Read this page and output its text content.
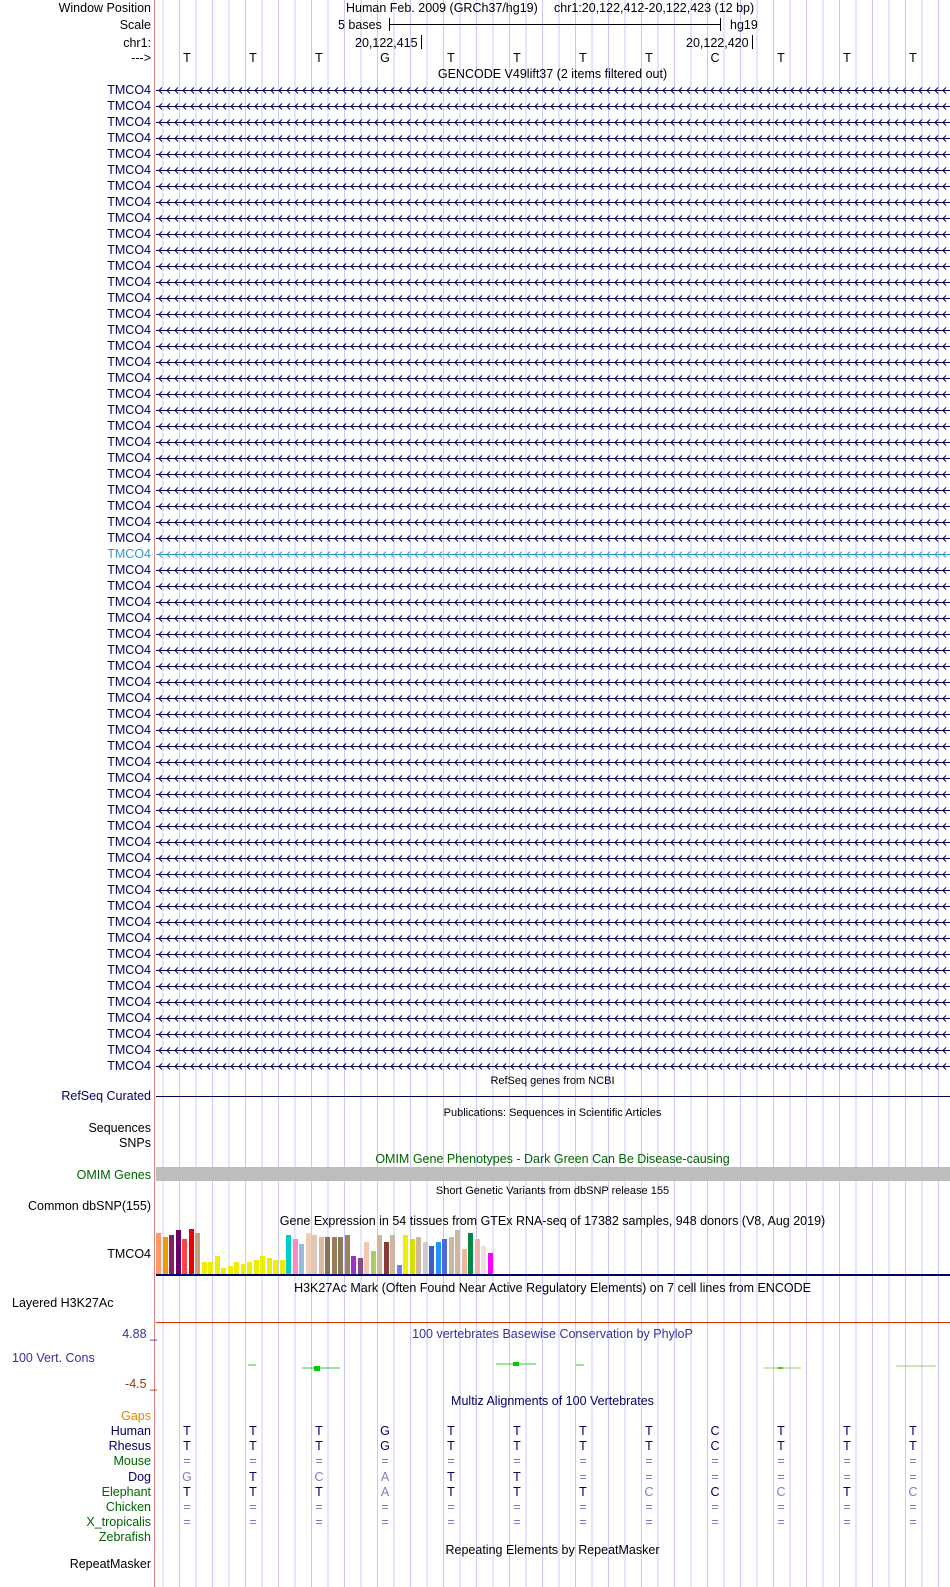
Window Position
Scale
chr1:
--->
Human Feb. 2009 (GRCh37/hg19) chr1:20,122,412-20,122,423 (12 bp)
5 bases	hg19
20,122,415	20,122,420
T	T	T	G	T	T	T	T	C	T	T	T
GENCODE V49lift37 (2 items filtered out)
TMCO4
TMCO4
TMCO4
TMCO4
TMCO4
TMCO4
TMCO4
TMCO4
TMCO4
TMCO4
TMCO4
TMCO4
TMCO4
TMCO4
TMCO4
TMCO4
TMCO4
TMCO4
TMCO4
TMCO4
TMCO4
TMCO4
TMCO4
TMCO4
TMCO4
TMCO4
TMCO4
TMCO4
TMCO4
TMCO4
TMCO4
TMCO4
TMCO4
TMCO4
TMCO4
TMCO4
TMCO4
TMCO4
TMCO4
TMCO4
TMCO4
TMCO4
TMCO4
TMCO4
TMCO4
TMCO4
TMCO4
TMCO4
TMCO4
TMCO4
TMCO4
TMCO4
TMCO4
TMCO4
TMCO4
TMCO4
TMCO4
TMCO4
TMCO4
TMCO4
TMCO4
TMCO4
RefSeq genes from NCBI
RefSeq Curated
Publications: Sequences in Scientific Articles
Sequences
SNPs
OMIM Gene Phenotypes - Dark Green Can Be Disease-causing
OMIM Genes
Short Genetic Variants from dbSNP release 155
Common dbSNP(155)
Gene Expression in 54 tissues from GTEx RNA-seq of 17382 samples, 948 donors (V8, Aug 2019)
TMCO4
H3K27Ac Mark (Often Found Near Active Regulatory Elements) on 7 cell lines from ENCODE
Layered H3K27Ac
100 vertebrates Basewise Conservation by PhyloP
4.88 _
100 Vert. Cons
-4.5 _
Multiz Alignments of 100 Vertebrates
Gaps
Human	T	T	T	G	T	T	T	T	C	T	T	T
Rhesus	T	T	T	G	T	T	T	T	C	T	T	T
Mouse	=	=	=	=	=	=	=	=	=	=	=	=
Dog	G	T	C	A	T	T	=	=	=	=	=	=
Elephant	T	T	T	A	T	T	T	C	C	C	T	C
Chicken	=	=	=	=	=	=	=	=	=	=	=	=
X_tropicalis	=	=	=	=	=	=	=	=	=	=	=	=
Zebrafish
Repeating Elements by RepeatMasker
RepeatMasker
